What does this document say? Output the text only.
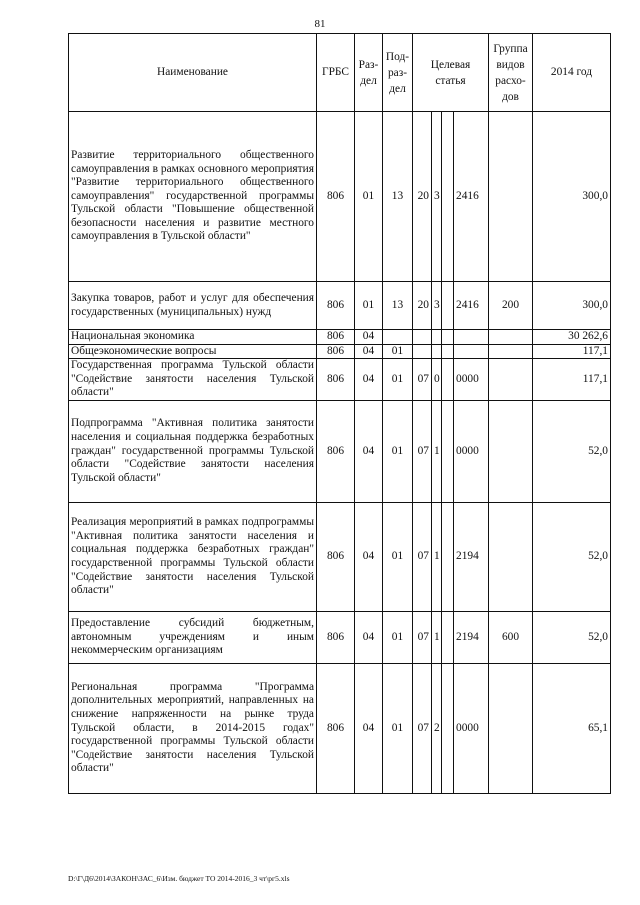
81
Наименование	ГРБС	Раз- дел	Под- раз- дел	Целевая статья				Группа видов расхо- дов	2014 год
Развитие территориального общественного самоуправления в рамках основного мероприятия "Развитие территориального общественного самоуправления" государственной программы Тульской области "Повышение общественной безопасности населения и развитие местного самоуправления в Тульской области"	806	01	13	20	3		2416		300,0
Закупка товаров, работ и услуг для обеспечения государственных (муниципальных) нужд	806	01	13	20	3		2416	200	300,0
Национальная экономика	806	04							30 262,6
Общеэкономические вопросы	806	04	01						117,1
Государственная программа Тульской области "Содействие занятости населения Тульской области"	806	04	01	07	0		0000		117,1
Подпрограмма "Активная политика занятости населения и социальная поддержка безработных граждан" государственной программы Тульской области "Содействие занятости населения Тульской области"	806	04	01	07	1		0000		52,0
Реализация мероприятий в рамках подпрограммы "Активная политика занятости населения и социальная поддержка безработных граждан" государственной программы Тульской области "Содействие занятости населения Тульской области"	806	04	01	07	1		2194		52,0
Предоставление субсидий бюджетным, автономным учреждениям и иным некоммерческим организациям	806	04	01	07	1		2194	600	52,0
Региональная программа "Программа дополнительных мероприятий, направленных на снижение напряженности на рынке труда Тульской области, в 2014-2015 годах" государственной программы Тульской области "Содействие занятости населения Тульской области"	806	04	01	07	2		0000		65,1
D:\Г\Д6\2014\ЗАКОН\ЗАС_6\Изм. бюджет ТО 2014-2016_3 чт\рг5.xls
